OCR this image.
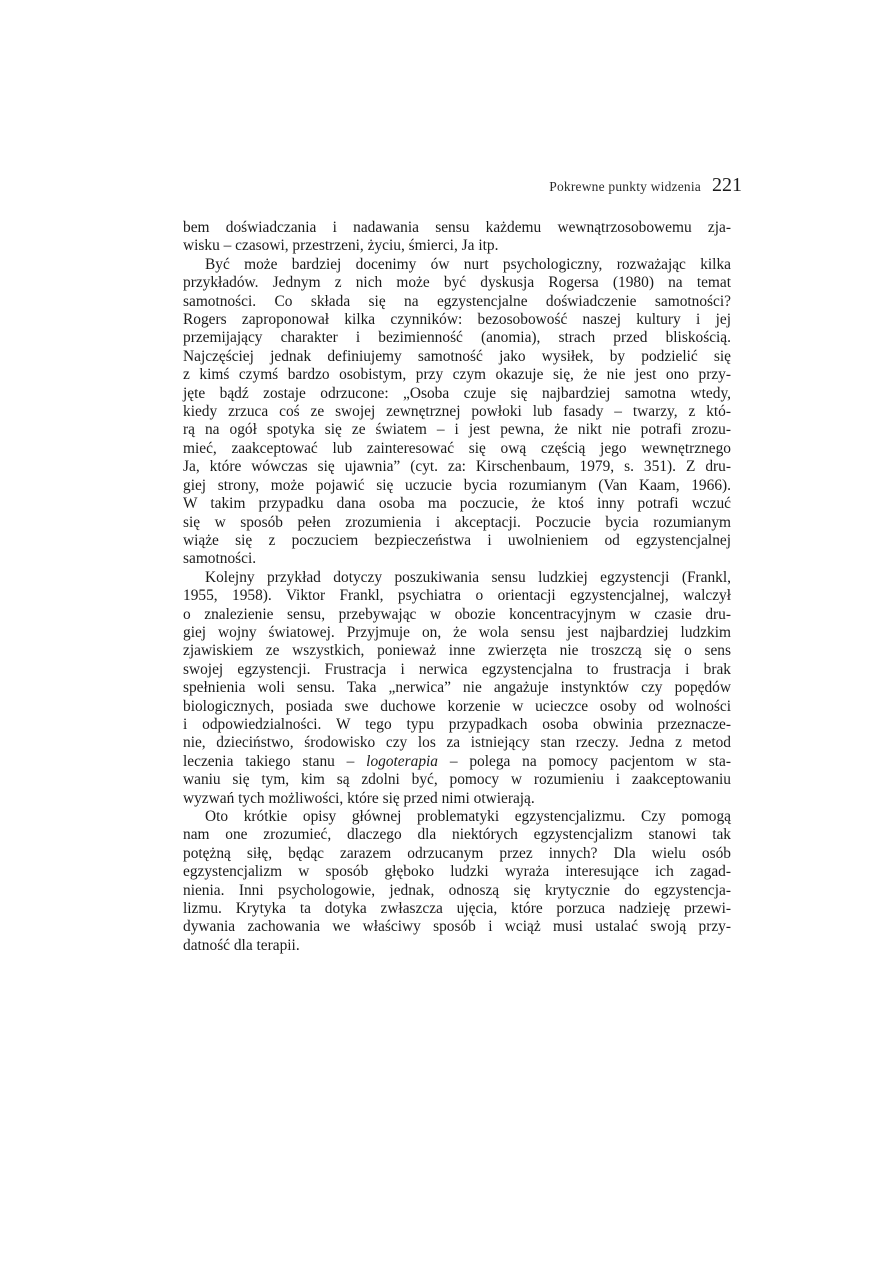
Pokrewne punkty widzenia 221
bem doświadczania i nadawania sensu każdemu wewnątrzosobowemu zja-
wisku – czasowi, przestrzeni, życiu, śmierci, Ja itp.
Być może bardziej docenimy ów nurt psychologiczny, rozważając kilka
przykładów. Jednym z nich może być dyskusja Rogersa (1980) na temat
samotności. Co składa się na egzystencjalne doświadczenie samotności?
Rogers zaproponował kilka czynników: bezosobowość naszej kultury i jej
przemijający charakter i bezimienność (anomia), strach przed bliskością.
Najczęściej jednak definiujemy samotność jako wysiłek, by podzielić się
z kimś czymś bardzo osobistym, przy czym okazuje się, że nie jest ono przy-
jęte bądź zostaje odrzucone: „Osoba czuje się najbardziej samotna wtedy,
kiedy zrzuca coś ze swojej zewnętrznej powłoki lub fasady – twarzy, z któ-
rą na ogół spotyka się ze światem – i jest pewna, że nikt nie potrafi zrozu-
mieć, zaakceptować lub zainteresować się ową częścią jego wewnętrznego
Ja, które wówczas się ujawnia” (cyt. za: Kirschenbaum, 1979, s. 351). Z dru-
giej strony, może pojawić się uczucie bycia rozumianym (Van Kaam, 1966).
W takim przypadku dana osoba ma poczucie, że ktoś inny potrafi wczuć
się w sposób pełen zrozumienia i akceptacji. Poczucie bycia rozumianym
wiąże się z poczuciem bezpieczeństwa i uwolnieniem od egzystencjalnej
samotności.
Kolejny przykład dotyczy poszukiwania sensu ludzkiej egzystencji (Frankl,
1955, 1958). Viktor Frankl, psychiatra o orientacji egzystencjalnej, walczył
o znalezienie sensu, przebywając w obozie koncentracyjnym w czasie dru-
giej wojny światowej. Przyjmuje on, że wola sensu jest najbardziej ludzkim
zjawiskiem ze wszystkich, ponieważ inne zwierzęta nie troszczą się o sens
swojej egzystencji. Frustracja i nerwica egzystencjalna to frustracja i brak
spełnienia woli sensu. Taka „nerwica” nie angażuje instynktów czy popędów
biologicznych, posiada swe duchowe korzenie w ucieczce osoby od wolności
i odpowiedzialności. W tego typu przypadkach osoba obwinia przeznacze-
nie, dzieciństwo, środowisko czy los za istniejący stan rzeczy. Jedna z metod
leczenia takiego stanu – logoterapia – polega na pomocy pacjentom w sta-
waniu się tym, kim są zdolni być, pomocy w rozumieniu i zaakceptowaniu
wyzwań tych możliwości, które się przed nimi otwierają.
Oto krótkie opisy głównej problematyki egzystencjalizmu. Czy pomogą
nam one zrozumieć, dlaczego dla niektórych egzystencjalizm stanowi tak
potężną siłę, będąc zarazem odrzucanym przez innych? Dla wielu osób
egzystencjalizm w sposób głęboko ludzki wyraża interesujące ich zagad-
nienia. Inni psychologowie, jednak, odnoszą się krytycznie do egzystencja-
lizmu. Krytyka ta dotyka zwłaszcza ujęcia, które porzuca nadzieję przewi-
dywania zachowania we właściwy sposób i wciąż musi ustalać swoją przy-
datność dla terapii.
